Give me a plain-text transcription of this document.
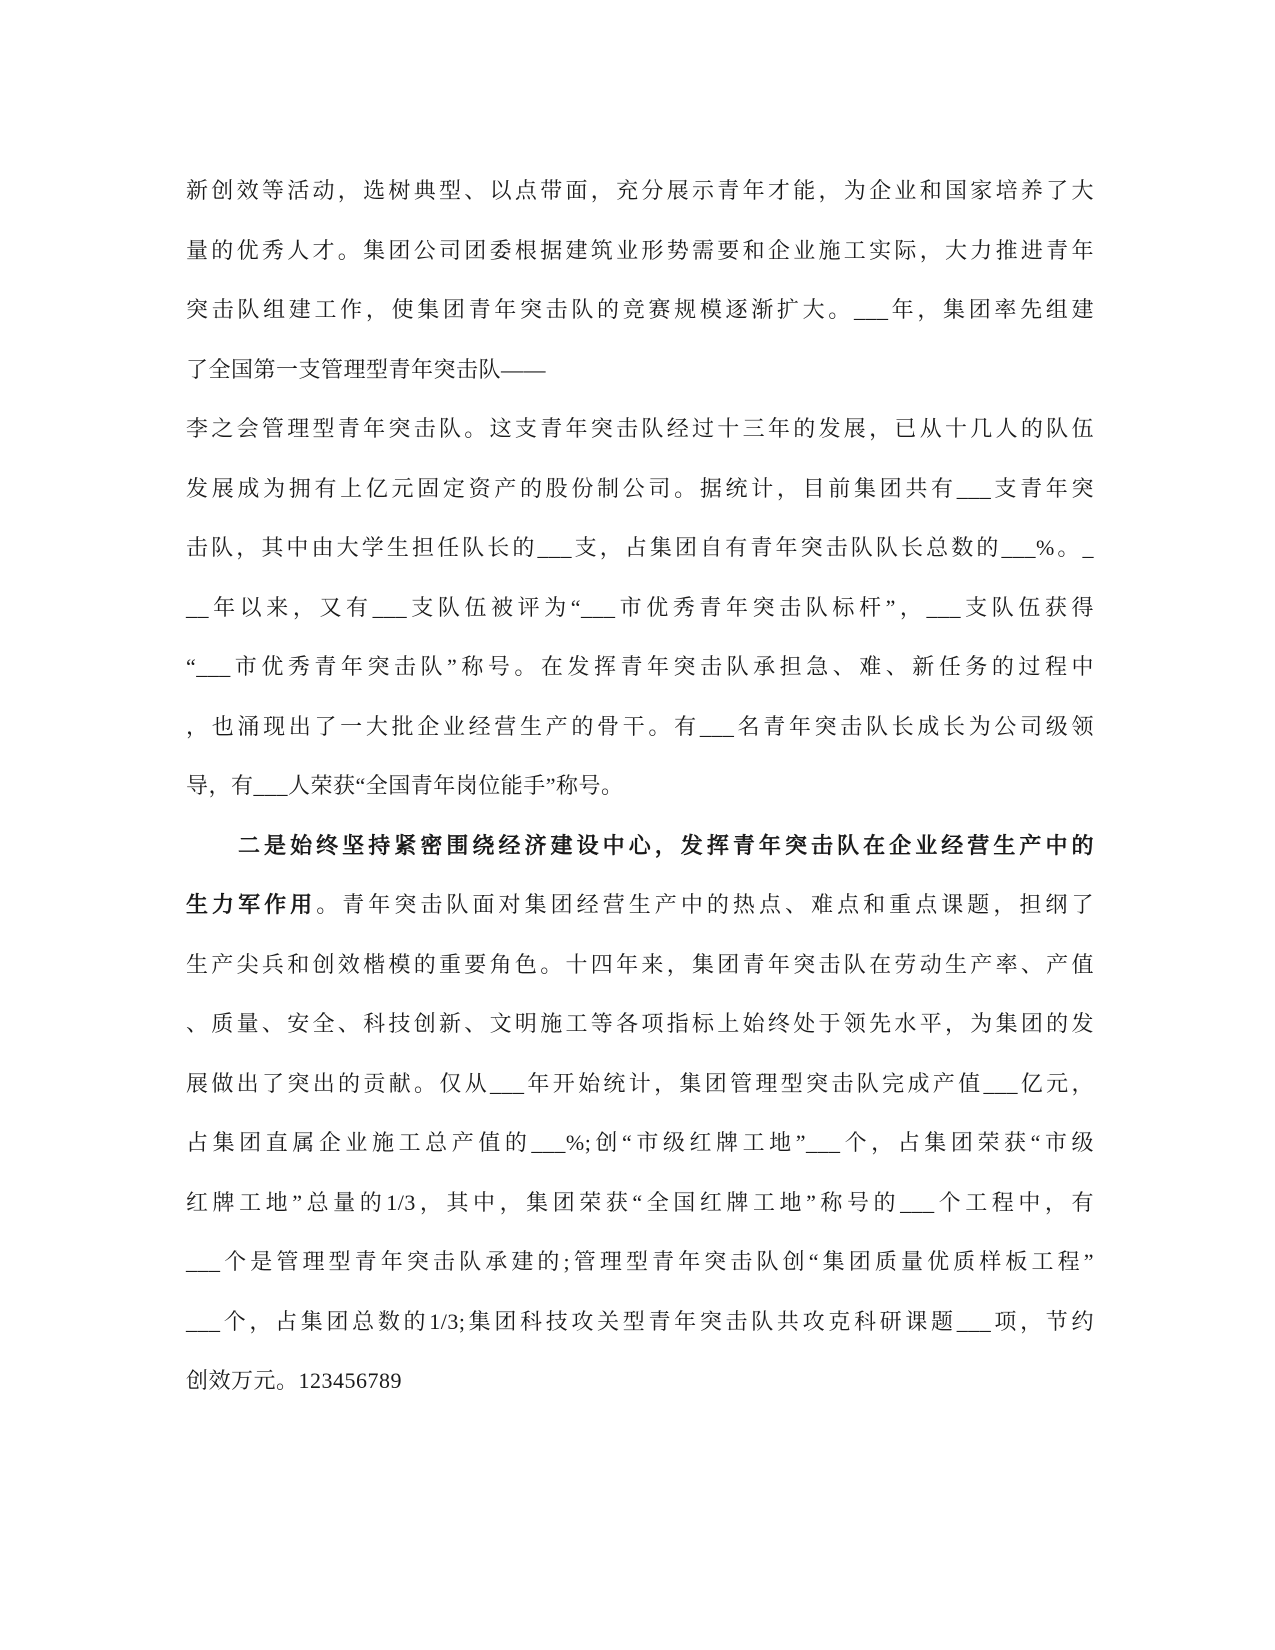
新创效等活动，选树典型、以点带面，充分展示青年才能，为企业和国家培养了大
量的优秀人才。集团公司团委根据建筑业形势需要和企业施工实际，大力推进青年
突击队组建工作，使集团青年突击队的竞赛规模逐渐扩大。___年，集团率先组建
了全国第一支管理型青年突击队——
李之会管理型青年突击队。这支青年突击队经过十三年的发展，已从十几人的队伍
发展成为拥有上亿元固定资产的股份制公司。据统计，目前集团共有___支青年突
击队，其中由大学生担任队长的___支，占集团自有青年突击队队长总数的___%。_
__年以来，又有___支队伍被评为“___市优秀青年突击队标杆”，___支队伍获得
“___市优秀青年突击队”称号。在发挥青年突击队承担急、难、新任务的过程中
，也涌现出了一大批企业经营生产的骨干。有___名青年突击队长成长为公司级领
导，有___人荣获“全国青年岗位能手”称号。
二是始终坚持紧密围绕经济建设中心，发挥青年突击队在企业经营生产中的
生力军作用。青年突击队面对集团经营生产中的热点、难点和重点课题，担纲了
生产尖兵和创效楷模的重要角色。十四年来，集团青年突击队在劳动生产率、产值
、质量、安全、科技创新、文明施工等各项指标上始终处于领先水平，为集团的发
展做出了突出的贡献。仅从___年开始统计，集团管理型突击队完成产值___亿元，
占集团直属企业施工总产值的___%;创“市级红牌工地”___个，占集团荣获“市级
红牌工地”总量的1/3，其中，集团荣获“全国红牌工地”称号的___个工程中，有
___个是管理型青年突击队承建的;管理型青年突击队创“集团质量优质样板工程”
___个，占集团总数的1/3;集团科技攻关型青年突击队共攻克科研课题___项，节约
创效万元。123456789
